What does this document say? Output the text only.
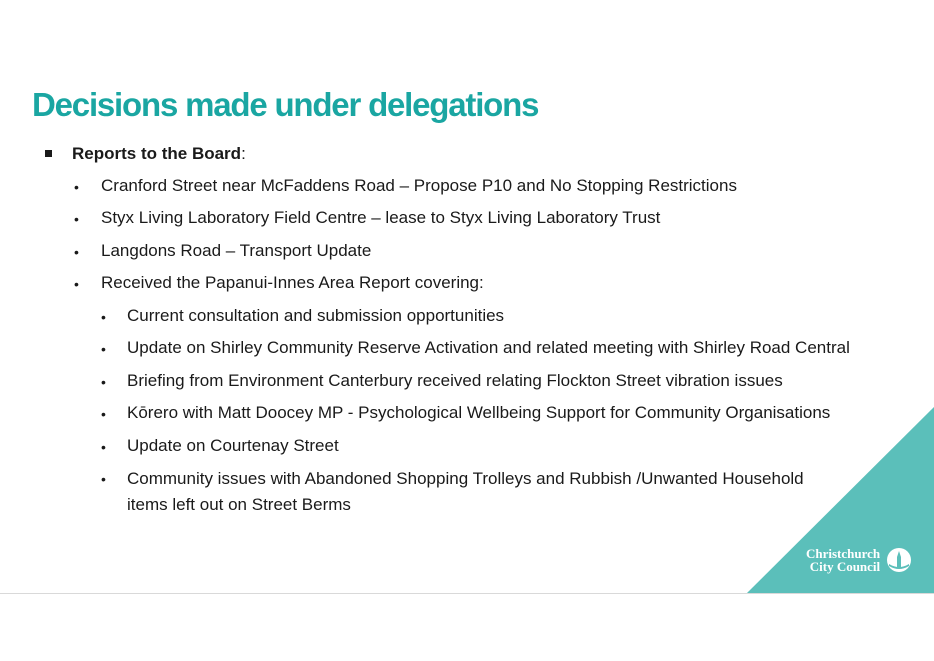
Decisions made under delegations
Reports to the Board:
• Cranford Street near McFaddens Road – Propose P10 and No Stopping Restrictions
• Styx Living Laboratory Field Centre – lease to Styx Living Laboratory Trust
• Langdons Road – Transport Update
• Received the Papanui-Innes Area Report covering:
• Current consultation and submission opportunities
• Update on Shirley Community Reserve Activation and related meeting with Shirley Road Central
• Briefing from Environment Canterbury received relating Flockton Street vibration issues
• Kōrero with Matt Doocey MP - Psychological Wellbeing Support for Community Organisations
• Update on Courtenay Street
• Community issues with Abandoned Shopping Trolleys and Rubbish /Unwanted Household items left out on Street Berms
Christchurch
City Council
